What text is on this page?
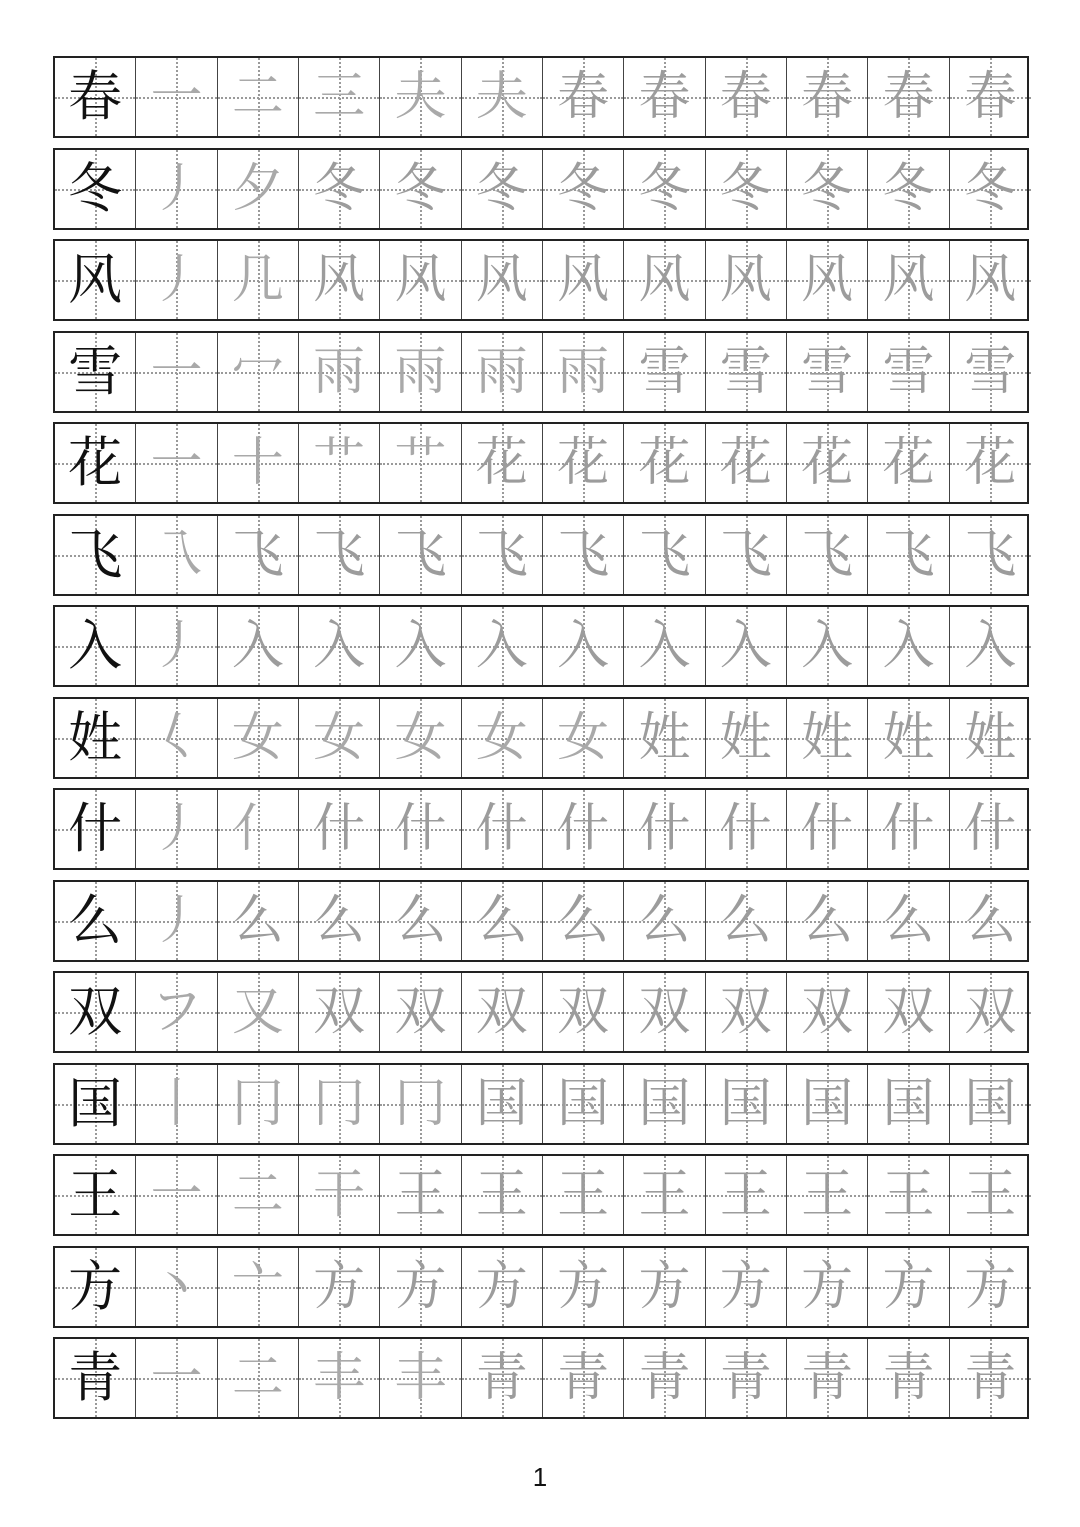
春 一 二 三 夫 夫 春 春 春 春 春 春
冬 丿 夕 冬 冬 冬 冬 冬 冬 冬 冬 冬
风 丿 几 风 风 风 风 风 风 风 风 风
雪 一 冖 雨 雨 雨 雨 雪 雪 雪 雪 雪
花 一 十 艹 艹 花 花 花 花 花 花 花
飞 乁 飞 飞 飞 飞 飞 飞 飞 飞 飞 飞
入 丿 入 入 入 入 入 入 入 入 入 入
姓 𡿨 女 女 女 女 女 姓 姓 姓 姓 姓
什 丿 亻 什 什 什 什 什 什 什 什 什
么 丿 么 么 么 么 么 么 么 么 么 么
双 フ 又 双 双 双 双 双 双 双 双 双
国 丨 冂 冂 冂 国 国 国 国 国 国 国
王 一 二 干 王 王 王 王 王 王 王 王
方 丶 亠 方 方 方 方 方 方 方 方 方
青 一 二 丰 丰 青 青 青 青 青 青 青
1
